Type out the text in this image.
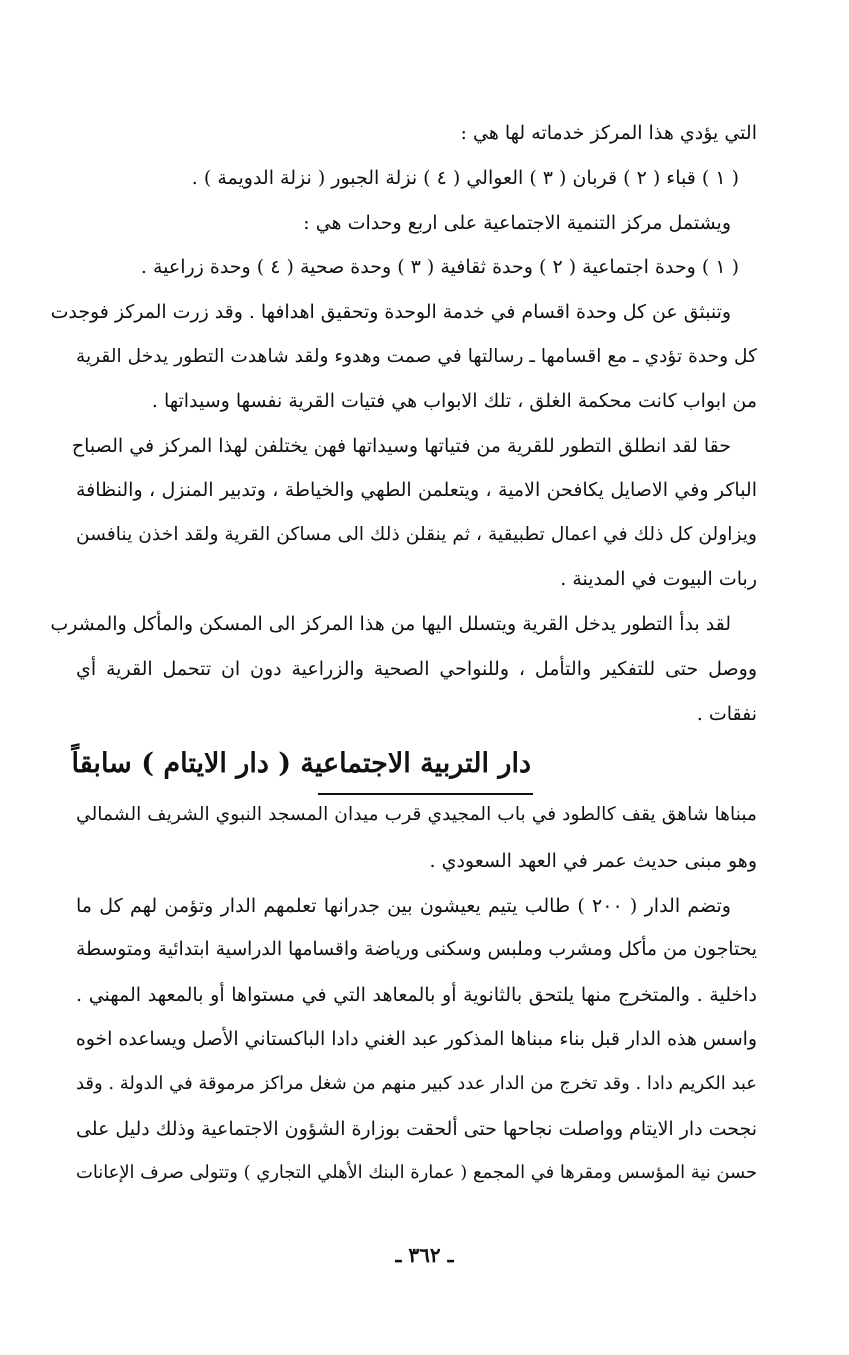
التي يؤدي هذا المركز خدماته لها هي :
( ١ ) قباء ( ٢ ) قربان ( ٣ ) العوالي ( ٤ ) نزلة الجبور ( نزلة الدويمة ) .
ويشتمل مركز التنمية الاجتماعية على اربع وحدات هي :
( ١ ) وحدة اجتماعية ( ٢ ) وحدة ثقافية ( ٣ ) وحدة صحية ( ٤ ) وحدة زراعية .
وتنبثق عن كل وحدة اقسام في خدمة الوحدة وتحقيق اهدافها . وقد زرت المركز فوجدت
كل وحدة تؤدي ـ مع اقسامها ـ رسالتها في صمت وهدوء ولقد شاهدت التطور يدخل القرية
من ابواب كانت محكمة الغلق ، تلك الابواب هي فتيات القرية نفسها وسيداتها .
حقا لقد انطلق التطور للقرية من فتياتها وسيداتها فهن يختلفن لهذا المركز في الصباح
الباكر وفي الاصايل يكافحن الامية ، ويتعلمن الطهي والخياطة ، وتدبير المنزل ، والنظافة
ويزاولن كل ذلك في اعمال تطبيقية ، ثم ينقلن ذلك الى مساكن القرية ولقد اخذن ينافسن
ربات البيوت في المدينة .
لقد بدأ التطور يدخل القرية ويتسلل اليها من هذا المركز الى المسكن والمأكل والمشرب
ووصل حتى للتفكير والتأمل ، وللنواحي الصحية والزراعية دون ان تتحمل القرية أي
نفقات .
دار التربية الاجتماعية ( دار الايتام ) سابقاً
مبناها شاهق يقف كالطود في باب المجيدي قرب ميدان المسجد النبوي الشريف الشمالي
وهو مبنى حديث عمر في العهد السعودي .
وتضم الدار ( ٢٠٠ ) طالب يتيم يعيشون بين جدرانها تعلمهم الدار وتؤمن لهم كل ما
يحتاجون من مأكل ومشرب وملبس وسكنى ورياضة واقسامها الدراسية ابتدائية ومتوسطة
داخلية . والمتخرج منها يلتحق بالثانوية أو بالمعاهد التي في مستواها أو بالمعهد المهني .
واسس هذه الدار قبل بناء مبناها المذكور عبد الغني دادا الباكستاني الأصل ويساعده اخوه
عبد الكريم دادا . وقد تخرج من الدار عدد كبير منهم من شغل مراكز مرموقة في الدولة . وقد
نجحت دار الايتام وواصلت نجاحها حتى ألحقت بوزارة الشؤون الاجتماعية وذلك دليل على
حسن نية المؤسس ومقرها في المجمع ( عمارة البنك الأهلي التجاري ) وتتولى صرف الإعانات
ـ ٣٦٢ ـ
